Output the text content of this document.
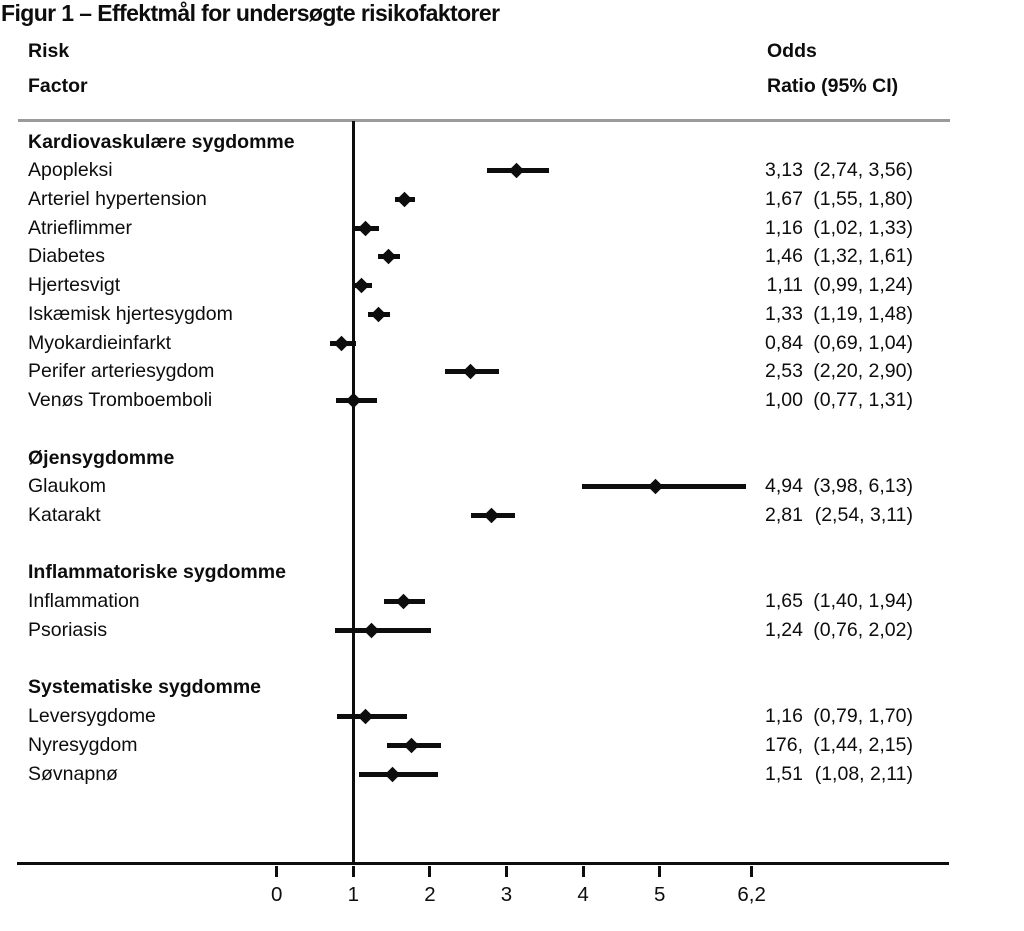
Figur 1 – Effektmål for undersøgte risikofaktorer
Risk
Factor
Odds
Ratio (95% CI)
Kardiovaskulære sygdomme
Apopleksi	3,13 (2,74, 3,56)
Arteriel hypertension	1,67 (1,55, 1,80)
Atrieflimmer	1,16 (1,02, 1,33)
Diabetes	1,46 (1,32, 1,61)
Hjertesvigt	1,11 (0,99, 1,24)
Iskæmisk hjertesygdom	1,33 (1,19, 1,48)
Myokardieinfarkt	0,84 (0,69, 1,04)
Perifer arteriesygdom	2,53 (2,20, 2,90)
Venøs Tromboemboli	1,00 (0,77, 1,31)
Øjensygdomme
Glaukom	4,94 (3,98, 6,13)
Katarakt	2,81 (2,54, 3,11)
Inflammatoriske sygdomme
Inflammation	1,65 (1,40, 1,94)
Psoriasis	1,24 (0,76, 2,02)
Systematiske sygdomme
Leversygdome	1,16 (0,79, 1,70)
Nyresygdom	176, (1,44, 2,15)
Søvnapnø	1,51 (1,08, 2,11)
0	1	2	3	4	5	6,2
